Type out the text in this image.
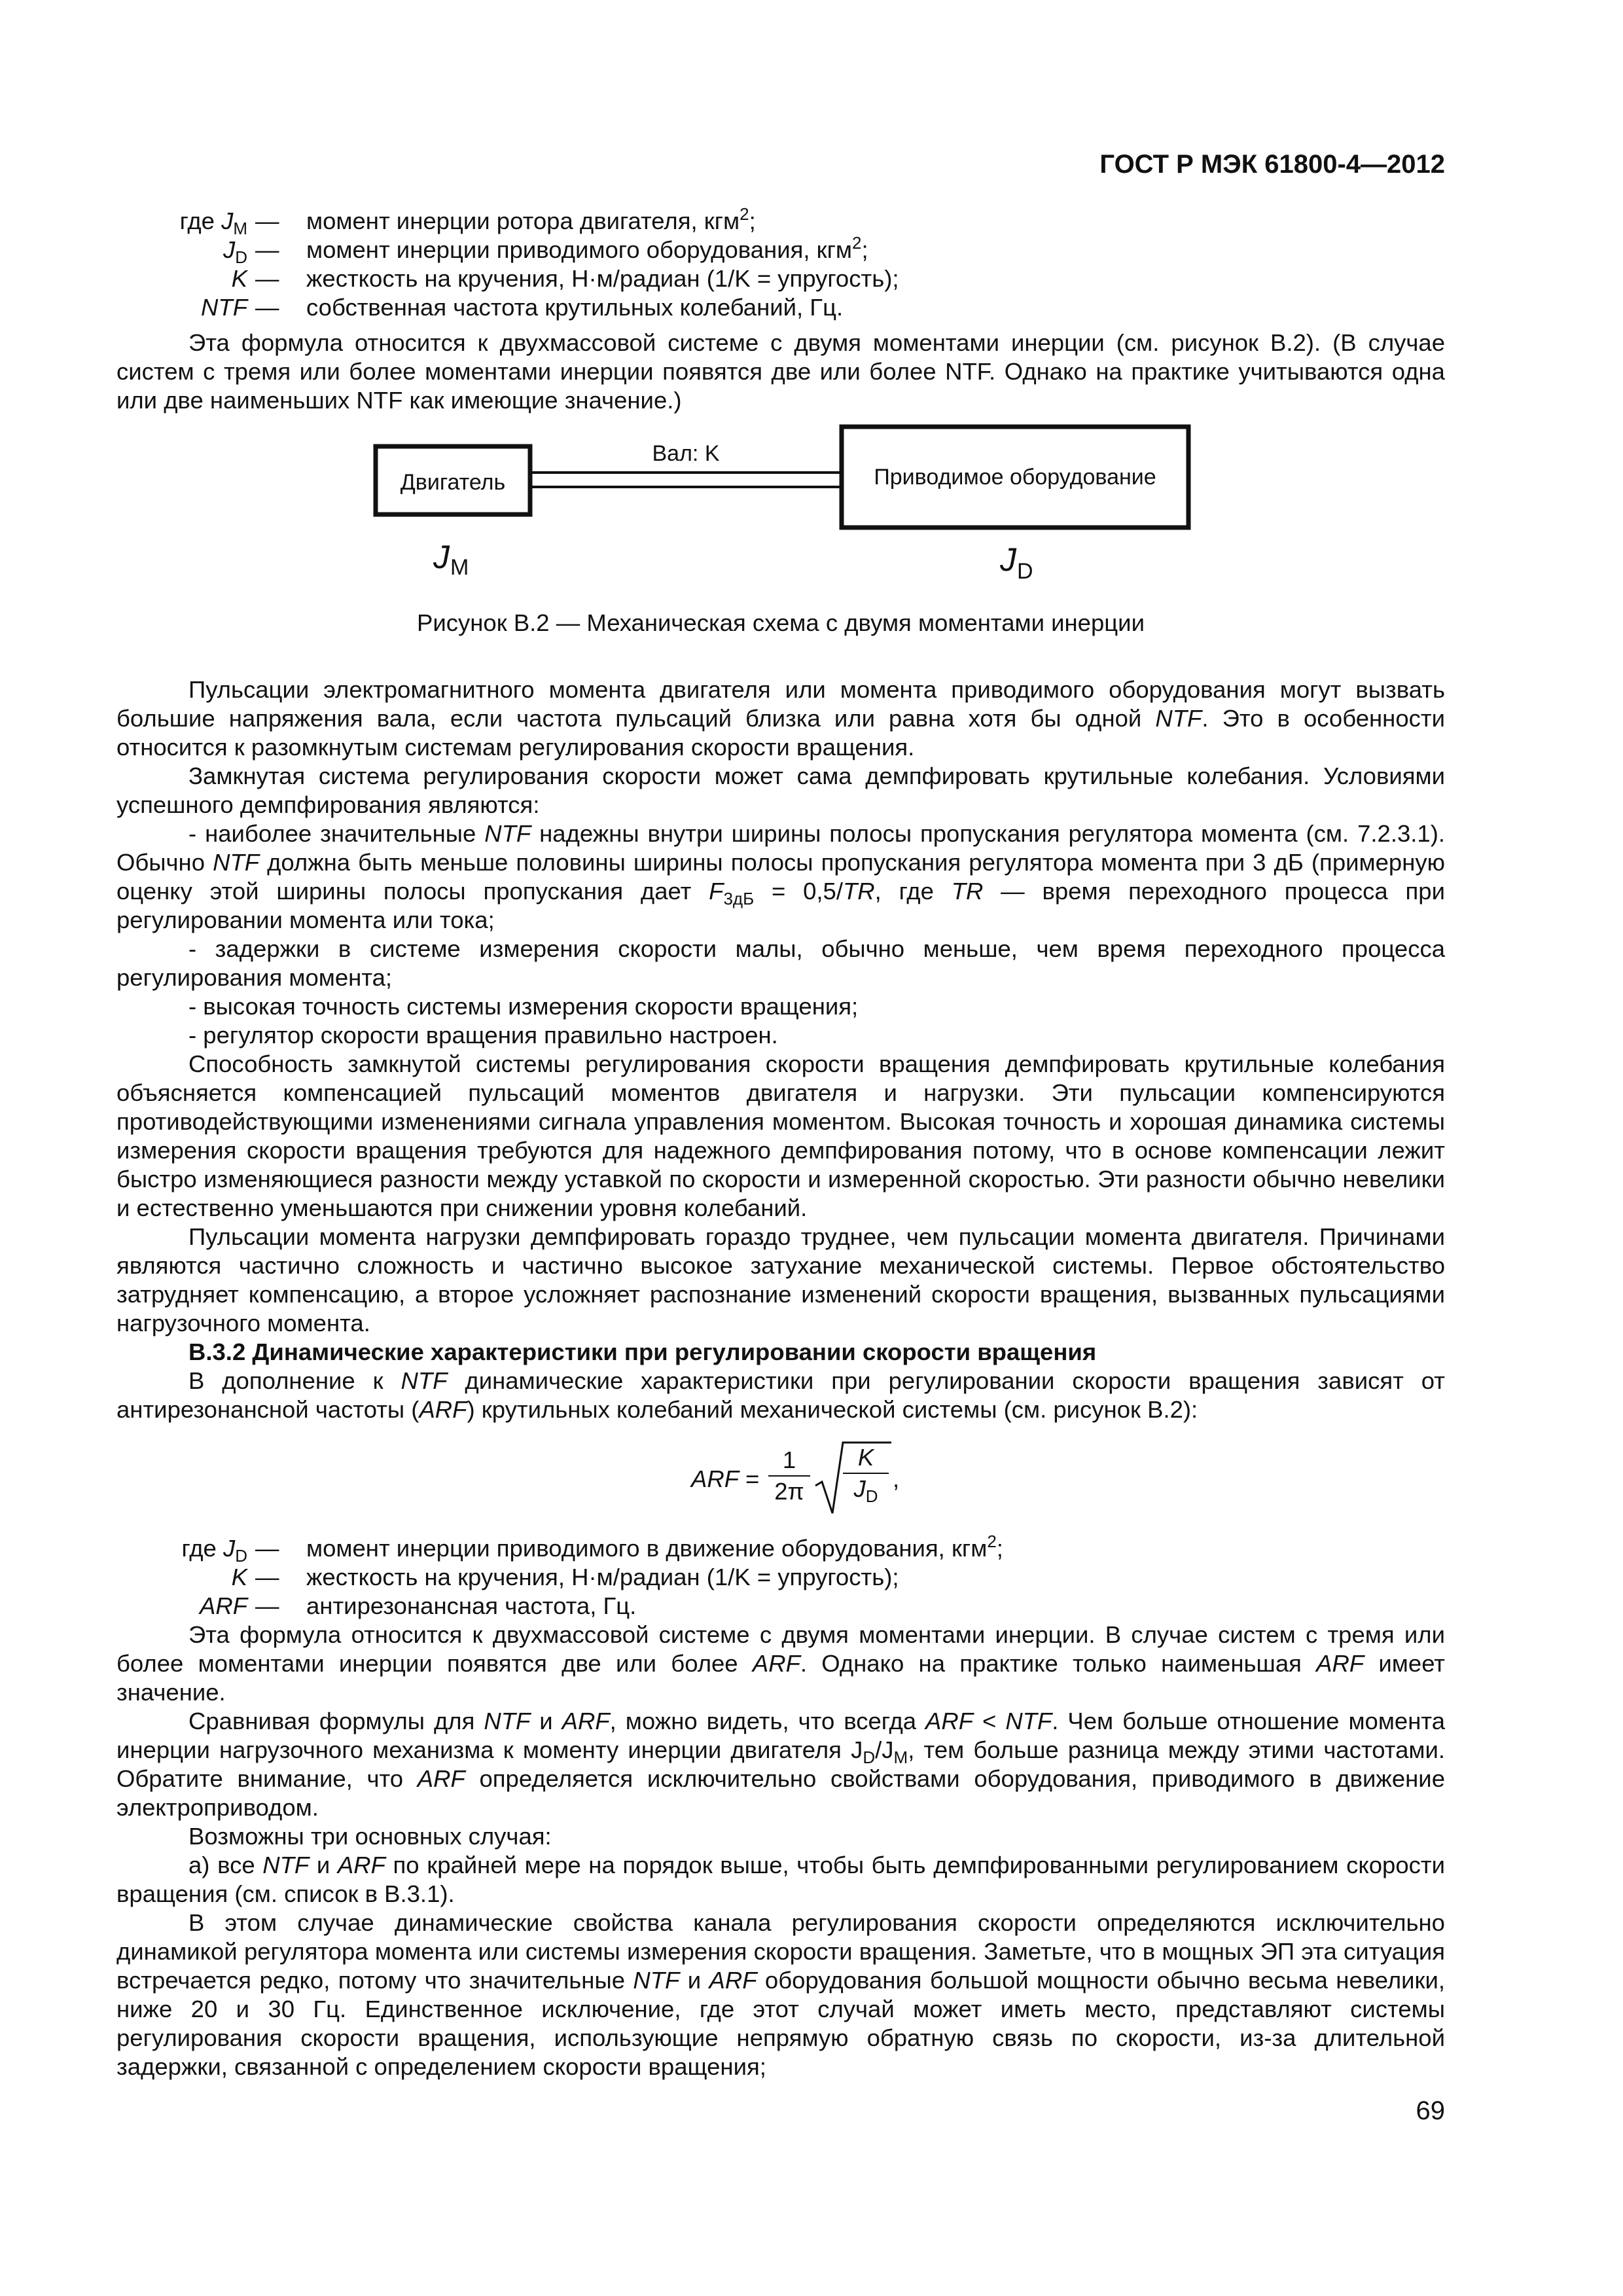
ГОСТ Р МЭК 61800-4—2012
где $J_М$ — момент инерции ротора двигателя, кгм$^2$;
$J_D$ — момент инерции приводимого оборудования, кгм$^2$;
K — жесткость на кручения, Н·м/радиан (1/K = упругость);
NTF — собственная частота крутильных колебаний, Гц.

Эта формула относится к двухмассовой системе с двумя моментами инерции (см. рисунок В.2). (В случае систем с тремя или более моментами инерции появятся две или более NTF. Однако на практике учитываются одна или две наименьших NTF как имеющие значение.)

Двигатель
Вал: K
Приводимое оборудование
J M	J D
Рисунок В.2 — Механическая схема с двумя моментами инерции

Пульсации электромагнитного момента двигателя или момента приводимого оборудования могут вызвать большие напряжения вала, если частота пульсаций близка или равна хотя бы одной NTF. Это в особенности относится к разомкнутым системам регулирования скорости вращения.

Замкнутая система регулирования скорости может сама демпфировать крутильные колебания. Условиями успешного демпфирования являются:

- наиболее значительные NTF надежны внутри ширины полосы пропускания регулятора момента (см. 7.2.3.1). Обычно NTF должна быть меньше половины ширины полосы пропускания регулятора момента при 3 дБ (примерную оценку этой ширины полосы пропускания дает $F_{3дБ} = 0,5/TR$, где TR — время переходного процесса при регулировании момента или тока;

- задержки в системе измерения скорости малы, обычно меньше, чем время переходного процесса регулирования момента;

- высокая точность системы измерения скорости вращения;

- регулятор скорости вращения правильно настроен.

Способность замкнутой системы регулирования скорости вращения демпфировать крутильные колебания объясняется компенсацией пульсаций моментов двигателя и нагрузки. Эти пульсации компенсируются противодействующими изменениями сигнала управления моментом. Высокая точность и хорошая динамика системы измерения скорости вращения требуются для надежного демпфирования потому, что в основе компенсации лежит быстро изменяющиеся разности между уставкой по скорости и измеренной скоростью. Эти разности обычно невелики и естественно уменьшаются при снижении уровня колебаний.

Пульсации момента нагрузки демпфировать гораздо труднее, чем пульсации момента двигателя. Причинами являются частично сложность и частично высокое затухание механической системы. Первое обстоятельство затрудняет компенсацию, а второе усложняет распознание изменений скорости вращения, вызванных пульсациями нагрузочного момента.

В.3.2 Динамические характеристики при регулировании скорости вращения

В дополнение к NTF динамические характеристики при регулировании скорости вращения зависят от антирезонансной частоты (ARF) крутильных колебаний механической системы (см. рисунок В.2):

ARF =
1
2π
K
$J_D$
,
где $J_D$ — момент инерции приводимого в движение оборудования, кгм$^2$;
K — жесткость на кручения, Н·м/радиан (1/K = упругость);
ARF — антирезонансная частота, Гц.

Эта формула относится к двухмассовой системе с двумя моментами инерции. В случае систем с тремя или более моментами инерции появятся две или более ARF. Однако на практике только наименьшая ARF имеет значение.

Сравнивая формулы для NTF и ARF, можно видеть, что всегда ARF < NTF. Чем больше отношение момента инерции нагрузочного механизма к моменту инерции двигателя $J_D/J_M$, тем больше разница между этими частотами. Обратите внимание, что ARF определяется исключительно свойствами оборудования, приводимого в движение электроприводом.

Возможны три основных случая:

а) все NTF и ARF по крайней мере на порядок выше, чтобы быть демпфированными регулированием скорости вращения (см. список в В.3.1).

В этом случае динамические свойства канала регулирования скорости определяются исключительно динамикой регулятора момента или системы измерения скорости вращения. Заметьте, что в мощных ЭП эта ситуация встречается редко, потому что значительные NTF и ARF оборудования большой мощности обычно весьма невелики, ниже 20 и 30 Гц. Единственное исключение, где этот случай может иметь место, представляют системы регулирования скорости вращения, использующие непрямую обратную связь по скорости, из-за длительной задержки, связанной с определением скорости вращения;

69
